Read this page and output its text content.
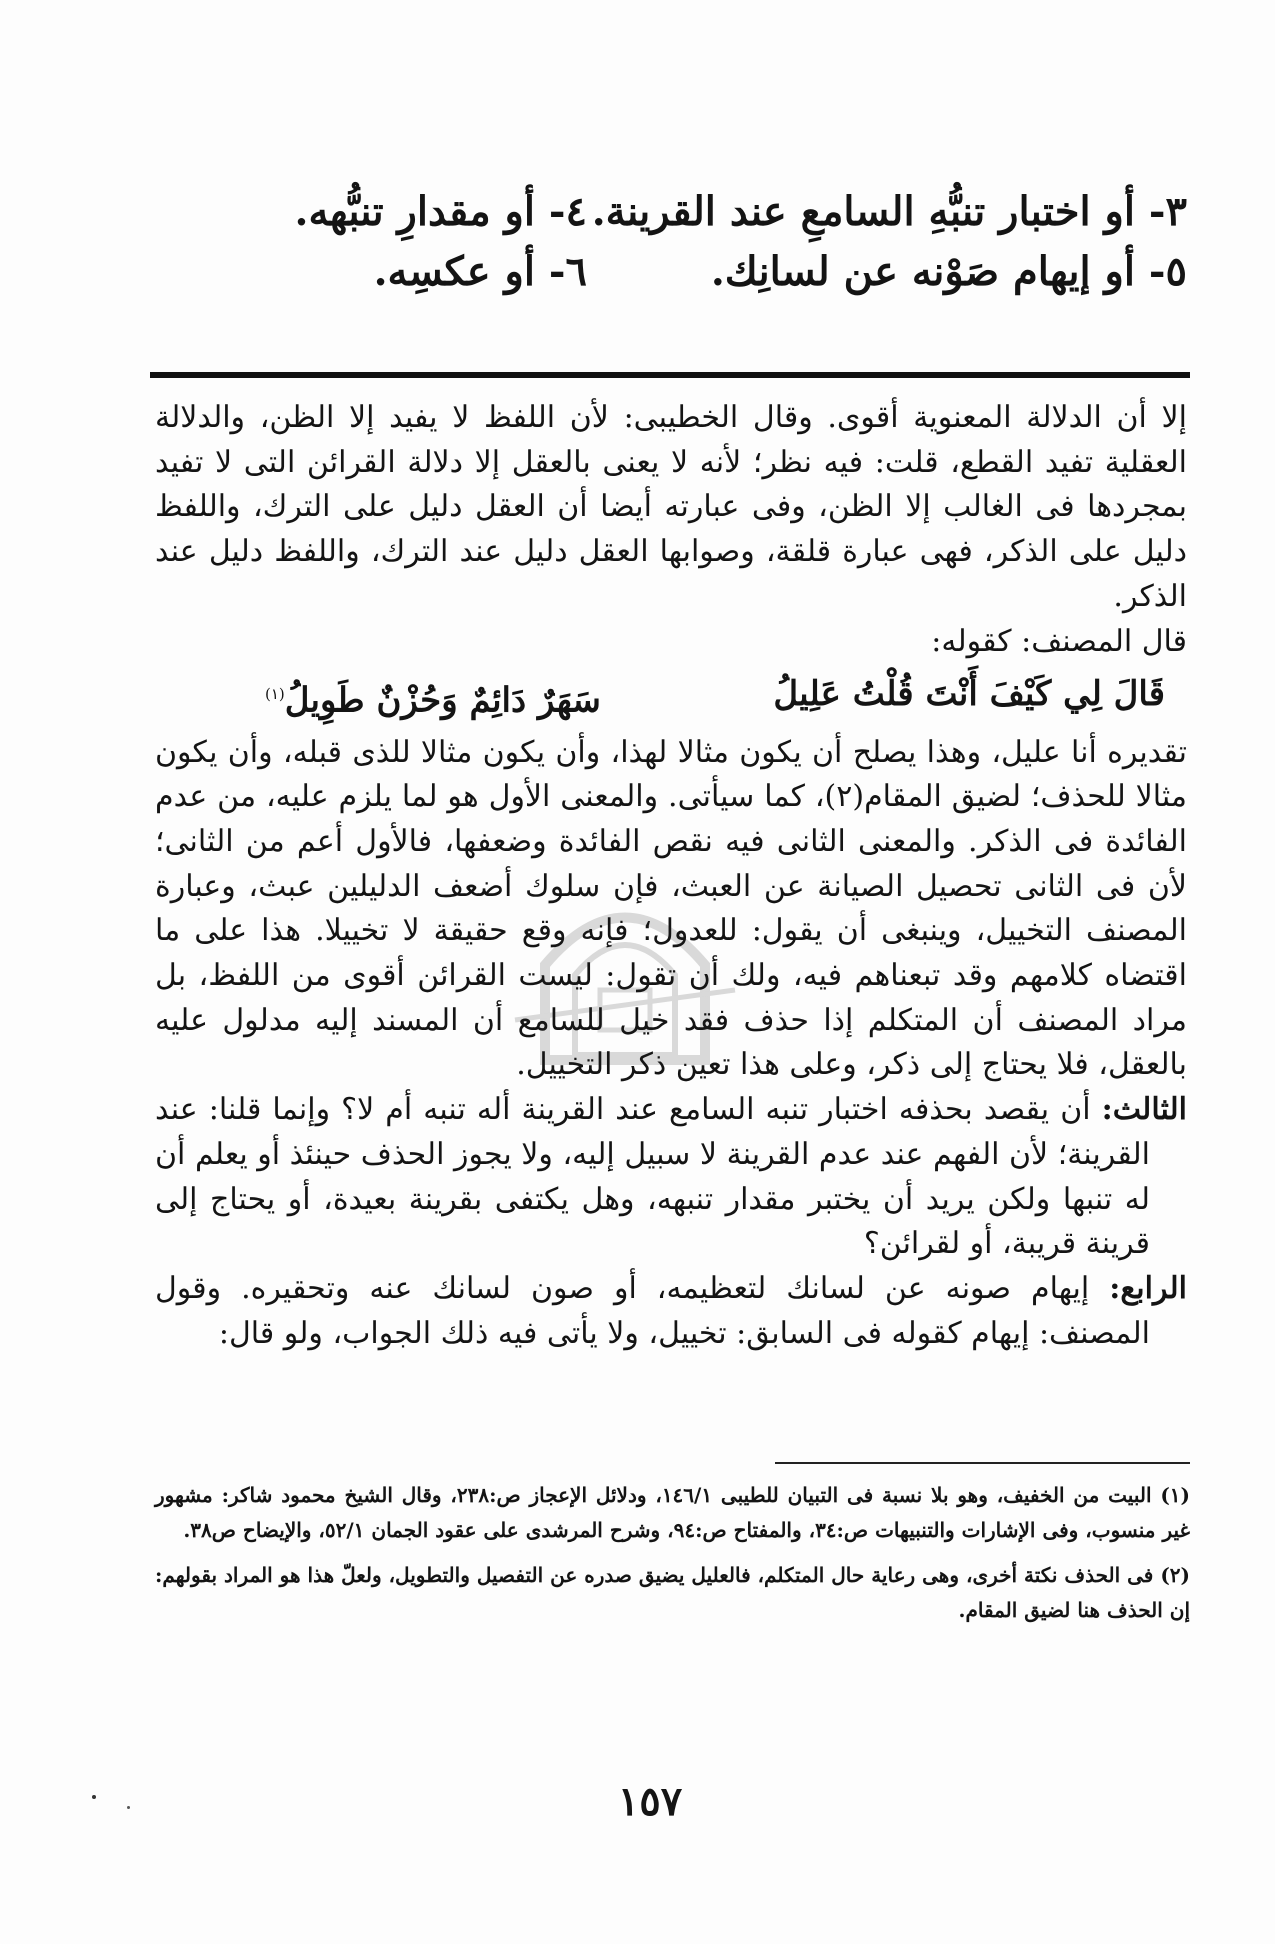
٣- أو اختبار تنبُّهِ السامعِ عند القرينة.
٤- أو مقدارِ تنبُّهه.
٥- أو إيهام صَوْنه عن لسانِك.
٦- أو عكسِه.

إلا أن الدلالة المعنوية أقوى. وقال الخطيبى: لأن اللفظ لا يفيد إلا الظن، والدلالة العقلية تفيد القطع، قلت: فيه نظر؛ لأنه لا يعنى بالعقل إلا دلالة القرائن التى لا تفيد بمجردها فى الغالب إلا الظن، وفى عبارته أيضا أن العقل دليل على الترك، واللفظ دليل على الذكر، فهى عبارة قلقة، وصوابها العقل دليل عند الترك، واللفظ دليل عند الذكر.

قال المصنف: كقوله:

قَالَ لِي كَيْفَ أَنْتَ قُلْتُ عَلِيلُ
سَهَرٌ دَائِمٌ وَحُزْنٌ طَوِيلُ$^{(١)}$

تقديره أنا عليل، وهذا يصلح أن يكون مثالا لهذا، وأن يكون مثالا للذى قبله، وأن يكون مثالا للحذف؛ لضيق المقام(٢)، كما سيأتى. والمعنى الأول هو لما يلزم عليه، من عدم الفائدة فى الذكر. والمعنى الثانى فيه نقص الفائدة وضعفها، فالأول أعم من الثانى؛ لأن فى الثانى تحصيل الصيانة عن العبث، فإن سلوك أضعف الدليلين عبث، وعبارة المصنف التخييل، وينبغى أن يقول: للعدول؛ فإنه وقع حقيقة لا تخييلا. هذا على ما اقتضاه كلامهم وقد تبعناهم فيه، ولك أن تقول: ليست القرائن أقوى من اللفظ، بل مراد المصنف أن المتكلم إذا حذف فقد خيل للسامع أن المسند إليه مدلول عليه بالعقل، فلا يحتاج إلى ذكر، وعلى هذا تعين ذكر التخييل.

الثالث: أن يقصد بحذفه اختبار تنبه السامع عند القرينة أله تنبه أم لا؟ وإنما قلنا: عند القرينة؛ لأن الفهم عند عدم القرينة لا سبيل إليه، ولا يجوز الحذف حينئذ أو يعلم أن له تنبها ولكن يريد أن يختبر مقدار تنبهه، وهل يكتفى بقرينة بعيدة، أو يحتاج إلى قرينة قريبة، أو لقرائن؟

الرابع: إيهام صونه عن لسانك لتعظيمه، أو صون لسانك عنه وتحقيره. وقول المصنف: إيهام كقوله فى السابق: تخييل، ولا يأتى فيه ذلك الجواب، ولو قال:

(١) البيت من الخفيف، وهو بلا نسبة فى التبيان للطيبى ١٤٦/١، ودلائل الإعجاز ص:٢٣٨، وقال الشيخ محمود شاكر: مشهور غير منسوب، وفى الإشارات والتنبيهات ص:٣٤، والمفتاح ص:٩٤، وشرح المرشدى على عقود الجمان ٥٢/١، والإيضاح ص٣٨.

(٢) فى الحذف نكتة أخرى، وهى رعاية حال المتكلم، فالعليل يضيق صدره عن التفصيل والتطويل، ولعلّ هذا هو المراد بقولهم: إن الحذف هنا لضيق المقام.

١٥٧
